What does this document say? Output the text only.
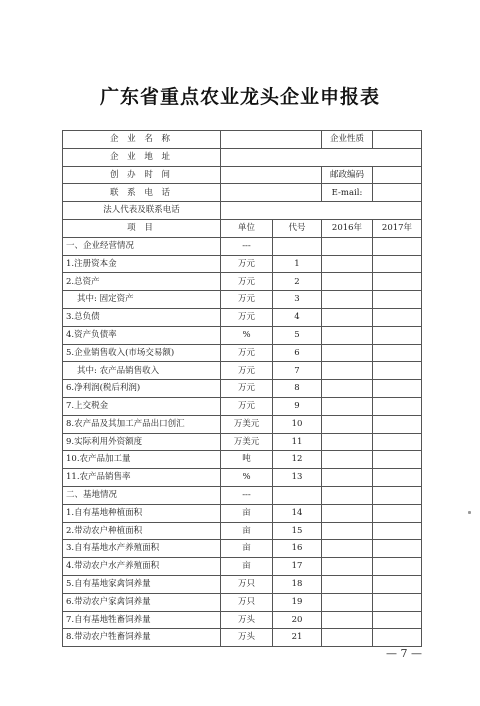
广东省重点农业龙头企业申报表
企 业 名 称			企业性质	
企 业 地 址				
创 办 时 间			邮政编码	
联 系 电 话			E-mail:	
法人代表及联系电话				
项 目	单位	代号	2016年	2017年
一、企业经营情况	---			
1.注册资本金	万元	1		
2.总资产	万元	2		
其中: 固定资产	万元	3		
3.总负债	万元	4		
4.资产负债率	%	5		
5.企业销售收入(市场交易额)	万元	6		
其中: 农产品销售收入	万元	7		
6.净利润(税后利润)	万元	8		
7.上交税金	万元	9		
8.农产品及其加工产品出口创汇	万美元	10		
9.实际利用外资额度	万美元	11		
10.农产品加工量	吨	12		
11.农产品销售率	%	13		
二、基地情况	---			
1.自有基地种植面积	亩	14		
2.带动农户种植面积	亩	15		
3.自有基地水产养殖面积	亩	16		
4.带动农户水产养殖面积	亩	17		
5.自有基地家禽饲养量	万只	18		
6.带动农户家禽饲养量	万只	19		
7.自有基地牲畜饲养量	万头	20		
8.带动农户牲畜饲养量	万头	21		
— 7 —
